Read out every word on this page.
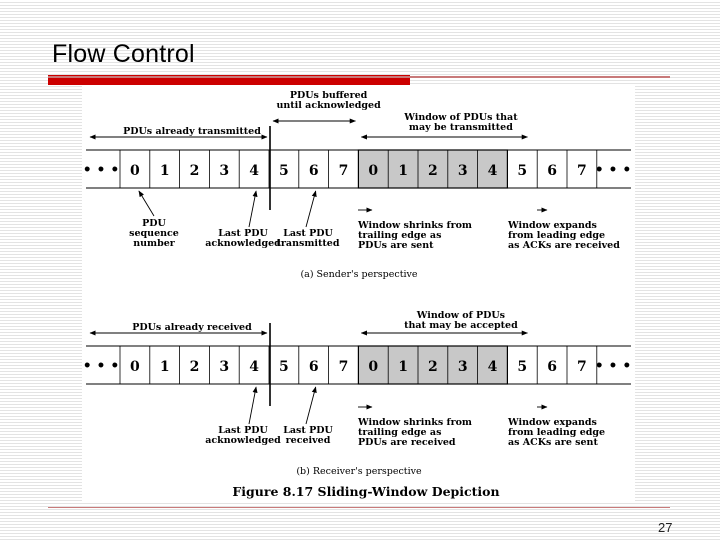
Flow Control
• • •	• • •
0 1 2 3 4 5 6 7 0 1 2 3 4 5 6 7
PDUs buffered
until acknowledged
Window of PDUs that
may be transmitted
PDUs already transmitted
PDU
sequence
number
Last PDU
acknowledged
Last PDU
transmitted
Window shrinks from
trailing edge as
PDUs are sent
Window expands
from leading edge
as ACKs are received
(a) Sender's perspective
• • •	• • •
0 1 2 3 4 5 6 7 0 1 2 3 4 5 6 7
Window of PDUs
that may be accepted
PDUs already received
Last PDU
acknowledged
Last PDU
received
Window shrinks from
trailing edge as
PDUs are received
Window expands
from leading edge
as ACKs are sent
(b) Receiver's perspective
Figure 8.17 Sliding-Window Depiction
27
